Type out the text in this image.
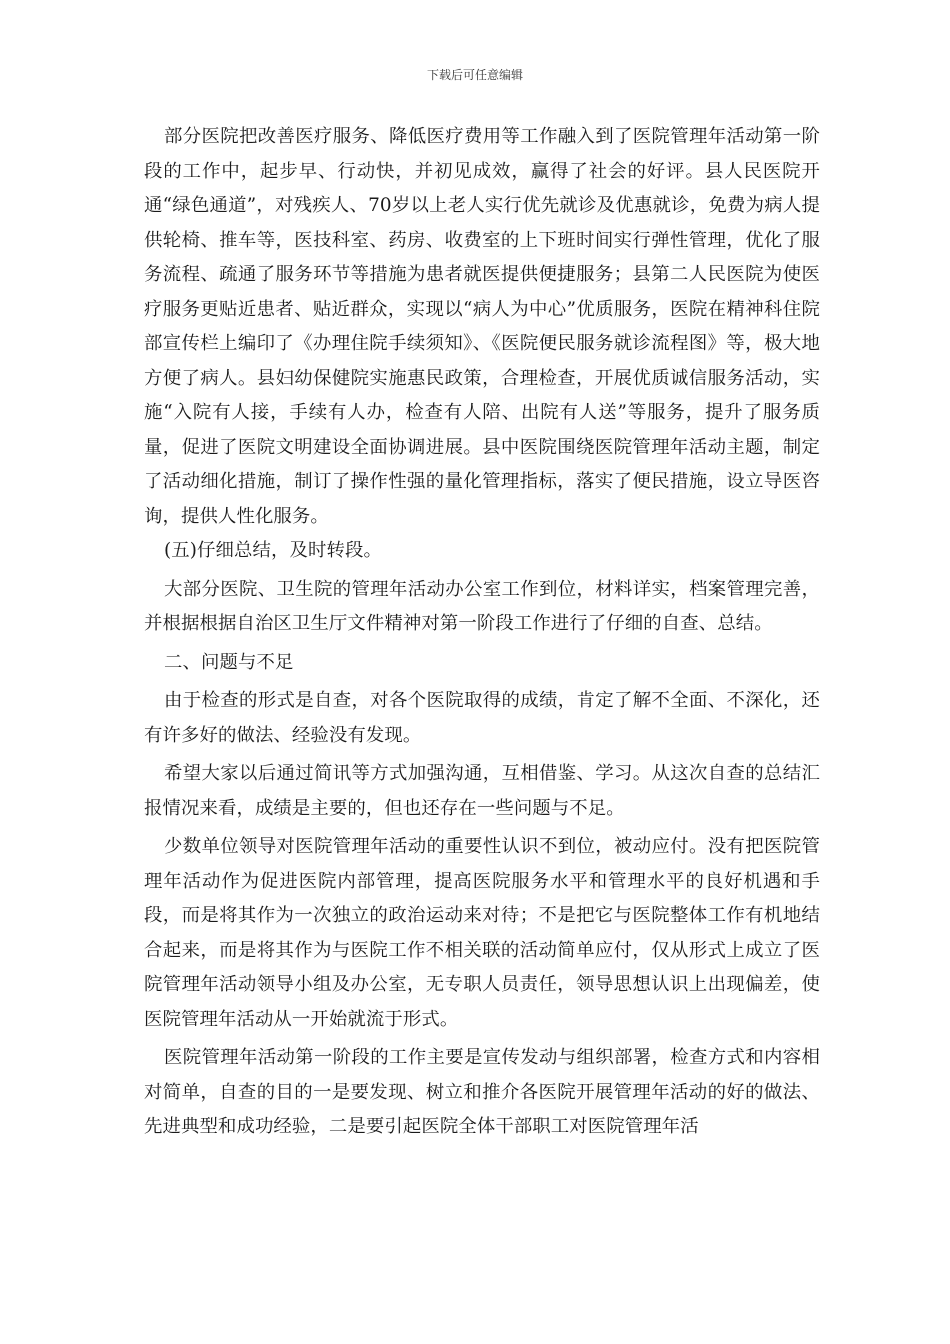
下载后可任意编辑

部分医院把改善医疗服务、降低医疗费用等工作融入到了医院管理年活动第一阶段的工作中，起步早、行动快，并初见成效，赢得了社会的好评。县人民医院开通“绿色通道”，对残疾人、70岁以上老人实行优先就诊及优惠就诊，免费为病人提供轮椅、推车等，医技科室、药房、收费室的上下班时间实行弹性管理，优化了服务流程、疏通了服务环节等措施为患者就医提供便捷服务；县第二人民医院为使医疗服务更贴近患者、贴近群众，实现以“病人为中心”优质服务，医院在精神科住院部宣传栏上编印了《办理住院手续须知》、《医院便民服务就诊流程图》等，极大地方便了病人。县妇幼保健院实施惠民政策，合理检查，开展优质诚信服务活动，实施“入院有人接，手续有人办，检查有人陪、出院有人送”等服务，提升了服务质量，促进了医院文明建设全面协调进展。县中医院围绕医院管理年活动主题，制定了活动细化措施，制订了操作性强的量化管理指标，落实了便民措施，设立导医咨询，提供人性化服务。

(五)仔细总结，及时转段。

大部分医院、卫生院的管理年活动办公室工作到位，材料详实，档案管理完善，并根据根据自治区卫生厅文件精神对第一阶段工作进行了仔细的自查、总结。

二、问题与不足

由于检查的形式是自查，对各个医院取得的成绩，肯定了解不全面、不深化，还有许多好的做法、经验没有发现。

希望大家以后通过简讯等方式加强沟通，互相借鉴、学习。从这次自查的总结汇报情况来看，成绩是主要的，但也还存在一些问题与不足。

少数单位领导对医院管理年活动的重要性认识不到位，被动应付。没有把医院管理年活动作为促进医院内部管理，提高医院服务水平和管理水平的良好机遇和手段，而是将其作为一次独立的政治运动来对待；不是把它与医院整体工作有机地结合起来，而是将其作为与医院工作不相关联的活动简单应付，仅从形式上成立了医院管理年活动领导小组及办公室，无专职人员责任，领导思想认识上出现偏差，使医院管理年活动从一开始就流于形式。

医院管理年活动第一阶段的工作主要是宣传发动与组织部署，检查方式和内容相对简单，自查的目的一是要发现、树立和推介各医院开展管理年活动的好的做法、先进典型和成功经验，二是要引起医院全体干部职工对医院管理年活
